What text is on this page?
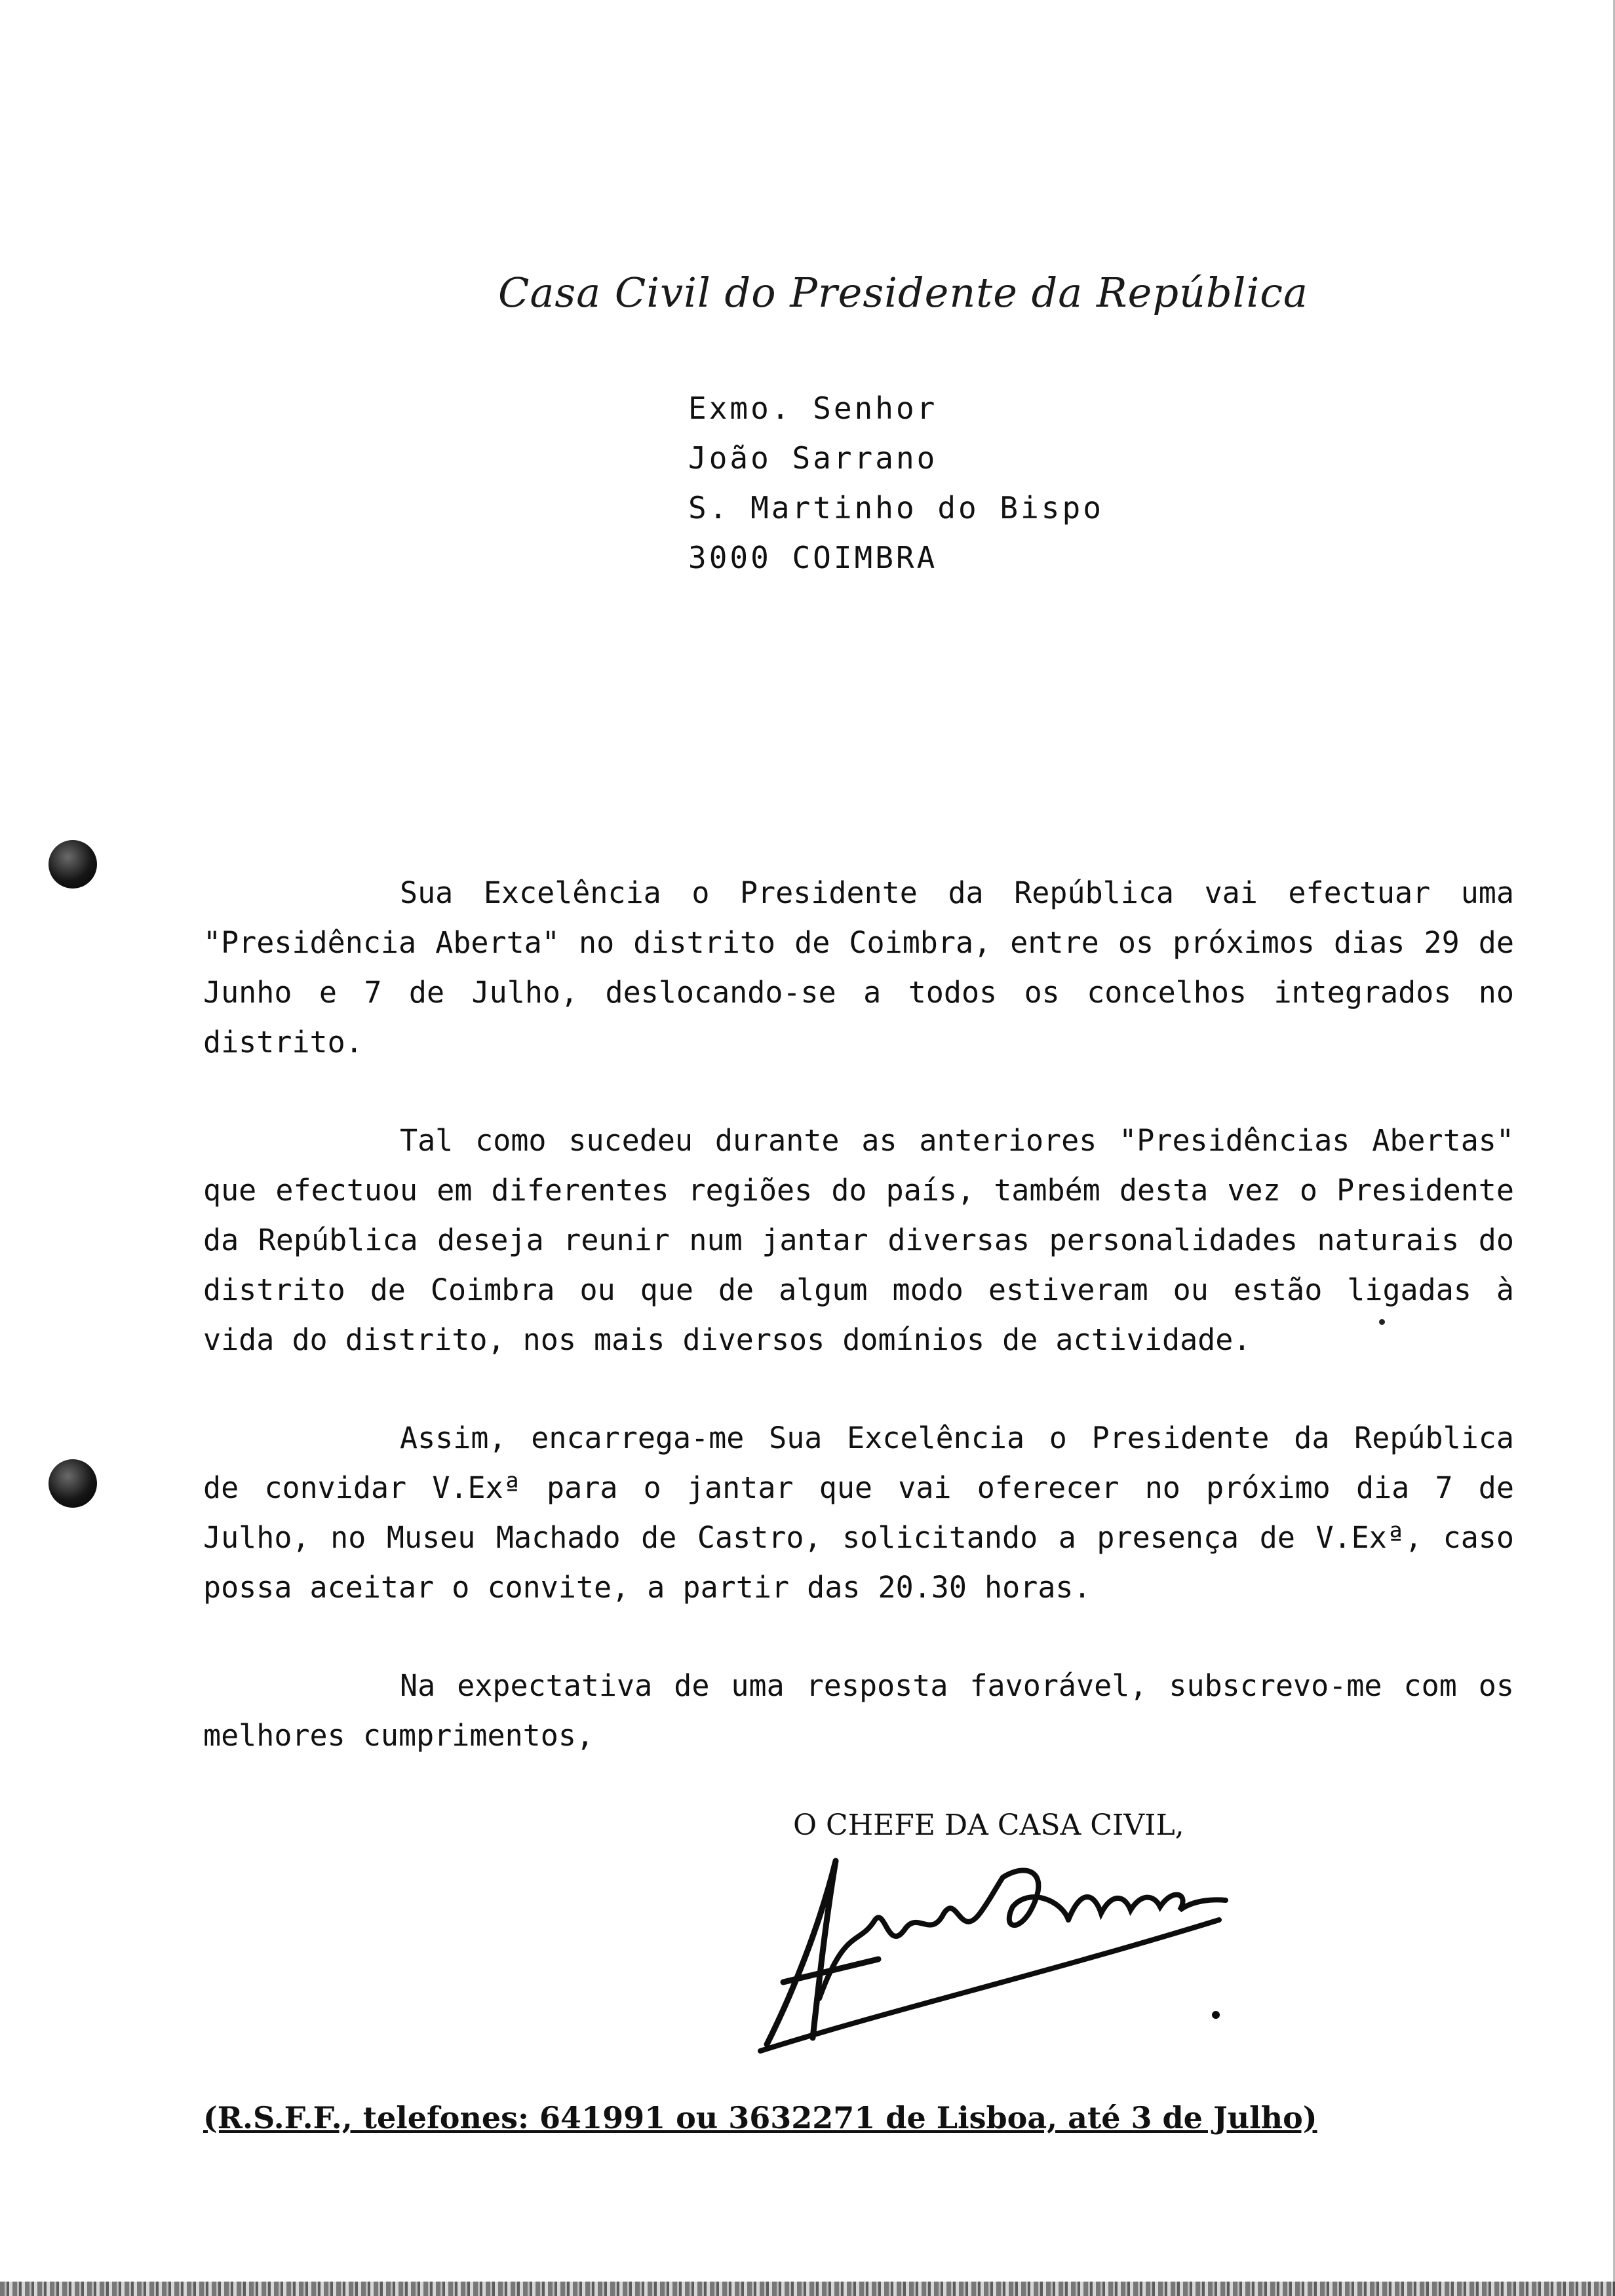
Casa Civil do Presidente da República
Exmo. Senhor
João Sarrano
S. Martinho do Bispo
3000 COIMBRA

Sua Excelência o Presidente da República vai efectuar uma "Presidência Aberta" no distrito de Coimbra, entre os próximos dias 29 de Junho e 7 de Julho, deslocando-se a todos os concelhos integrados no distrito.

Tal como sucedeu durante as anteriores "Presidências Abertas" que efectuou em diferentes regiões do país, também desta vez o Presidente da República deseja reunir num jantar diversas personalidades naturais do distrito de Coimbra ou que de algum modo estiveram ou estão ligadas à vida do distrito, nos mais diversos domínios de actividade.

Assim, encarrega-me Sua Excelência o Presidente da República de convidar V.Exª para o jantar que vai oferecer no próximo dia 7 de Julho, no Museu Machado de Castro, solicitando a presença de V.Exª, caso possa aceitar o convite, a partir das 20.30 horas.

Na expectativa de uma resposta favorável, subscrevo-me com os melhores cumprimentos,

O CHEFE DA CASA CIVIL,
(R.S.F.F., telefones: 641991 ou 3632271 de Lisboa, até 3 de Julho)
